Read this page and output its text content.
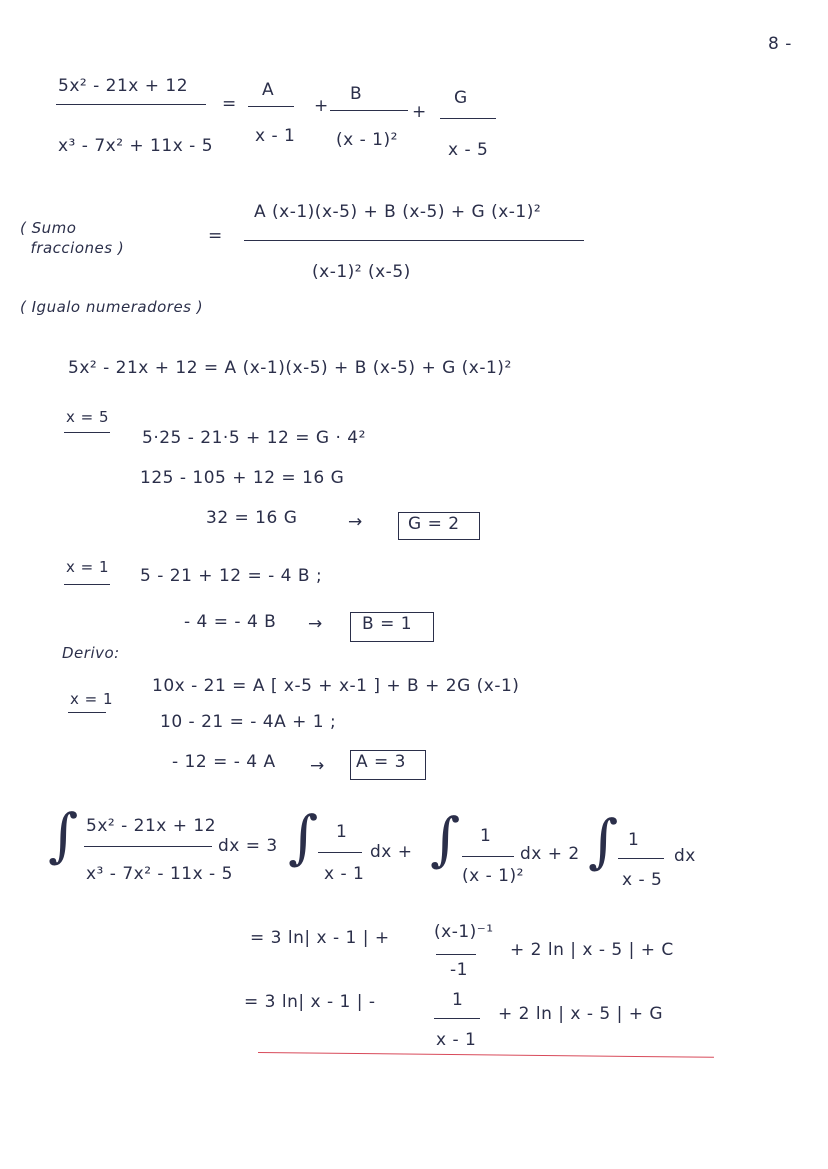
8 -
5x² - 21x + 12
x³ - 7x² + 11x - 5
=
A
x - 1
+
B
(x - 1)²
+
G
x - 5
( Sumo
fracciones )
=
A (x-1)(x-5) + B (x-5) + G (x-1)²
(x-1)² (x-5)
( Igualo numeradores )
5x² - 21x + 12 = A (x-1)(x-5) + B (x-5) + G (x-1)²
x = 5
5·25 - 21·5 + 12 = G · 4²
125 - 105 + 12 = 16 G
32 = 16 G	→	G = 2
x = 1 5 - 21 + 12 = - 4 B ;
- 4 = - 4 B → B = 1
Derivo:
x = 1
10x - 21 = A [ x-5 + x-1 ] + B + 2G (x-1)
10 - 21 = - 4A + 1 ;
- 12 = - 4 A → A = 3
∫ 5x² - 21x + 12
x³ - 7x² - 11x - 5
dx = 3 ∫ 1
x - 1
dx + ∫ 1
(x - 1)²
dx + 2 ∫ 1
x - 5
dx
= 3 ln| x - 1 | +	(x-1)⁻¹
-1
+ 2 ln | x - 5 | + C
= 3 ln| x - 1 | -	1
x - 1
+ 2 ln | x - 5 | + G
